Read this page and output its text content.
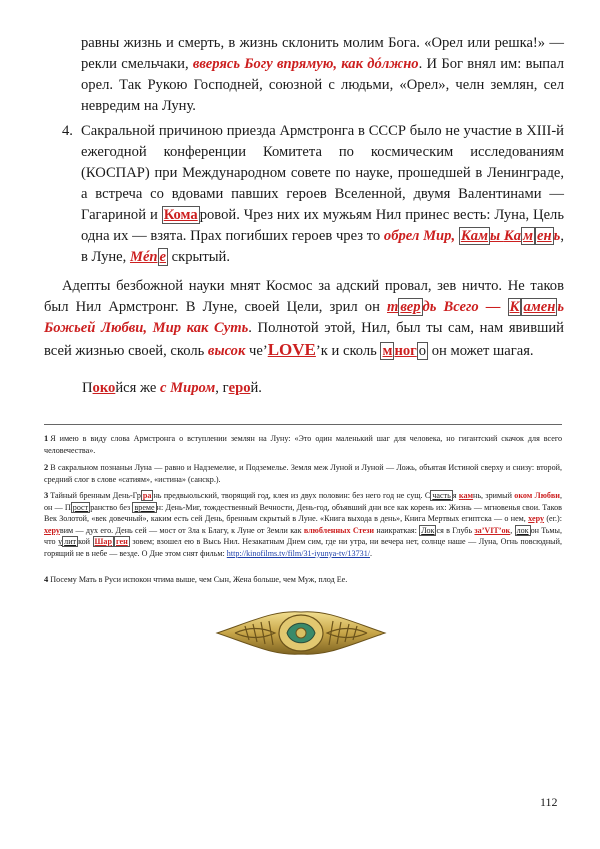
равны жизнь и смерть, в жизнь склонить молим Бога. «Орел или решка!» — рекли смельчаки, вверясь Богу впрямую, как дóлжно. И Бог внял им: выпал орел. Так Рукою Господней, союзной с людьми, «Орел», челн землян, сел невредим на Луну.
4. Сакральной причиною приезда Армстронга в СССР было не участие в XIII-й ежегодной конференции Комитета по космическим исследованиям (КОСПАР) при Международном совете по науке, прошедшей в Ленинграде, а встреча со вдовами павших героев Вселенной, двумя Валентинами — Гагариной и Кома ровой. Чрез них их мужьям Нил принес весть: Луна, Цель одна их — взята. Прах погибших героев чрез то обрел Мир, Кам ы Ка м ен ь, в Луне, Мéп е скрытый.
Адепты безбожной науки мнят Космос за адский провал, зев ничто. Не таков был Нил Армстронг. В Луне, своей Цели, зрил он т вер дь Всего — К амен ь Божьей Любви, Мир как Суть. Полнотой этой, Нил, был ты сам, нам явивший всей жизнью своей, сколь высок че’LOVE’к и сколь м ног о он может шагая.
Покойся же с Миром, герой.
1 Я имею в виду слова Армстронга о вступлении землян на Луну: «Это один маленький шаг для человека, но гигантский скачок для всего человечества».
2 В сакральном познаньи Луна — равно и Надземелие, и Подземелье. Земля меж Луной и Луной — Ложь, объятая Истиной сверху и снизу: второй, средний слог в слове «сатиям», «истина» (санскр.).
3 Тайный бренным День-Гр ра нь предвыольский, творящий год, клея из двух половин: без него год не сущ. С часть я камнь, зримый оком Любви, он — П рост ранство без време н: День-Миг, тождественный Вечности, День-год, объявший дни все как корень их: Жизнь — мгновенья свои. Таков Век Золотой, «век довечный», каким есть сей День, бренным скрытый в Луне. «Книга выхода в день», Книга Мертвых египтска — о нем, херу (ег.): херувим — дух его. День сей — мост от Зла к Благу, к Луне от Земли как влюбленных Стези наикраткая: Лок ся в Глубь за’VIT’ок, лок он Тьмы, что у лит кой Шар ген зовем; взошел ею в Высь Нил. Незакатным Днем сим, где ни утра, ни вечера нет, солнце наше — Луна, Огнь повсюдный, горящий не в небе — везде. О Дне этом снят фильм: http://kinofilms.tv/film/31-iyunya-tv/13731/.
4 Посему Мать в Руси испокон чтима выше, чем Сын, Жена больше, чем Муж, плод Ее.
112
